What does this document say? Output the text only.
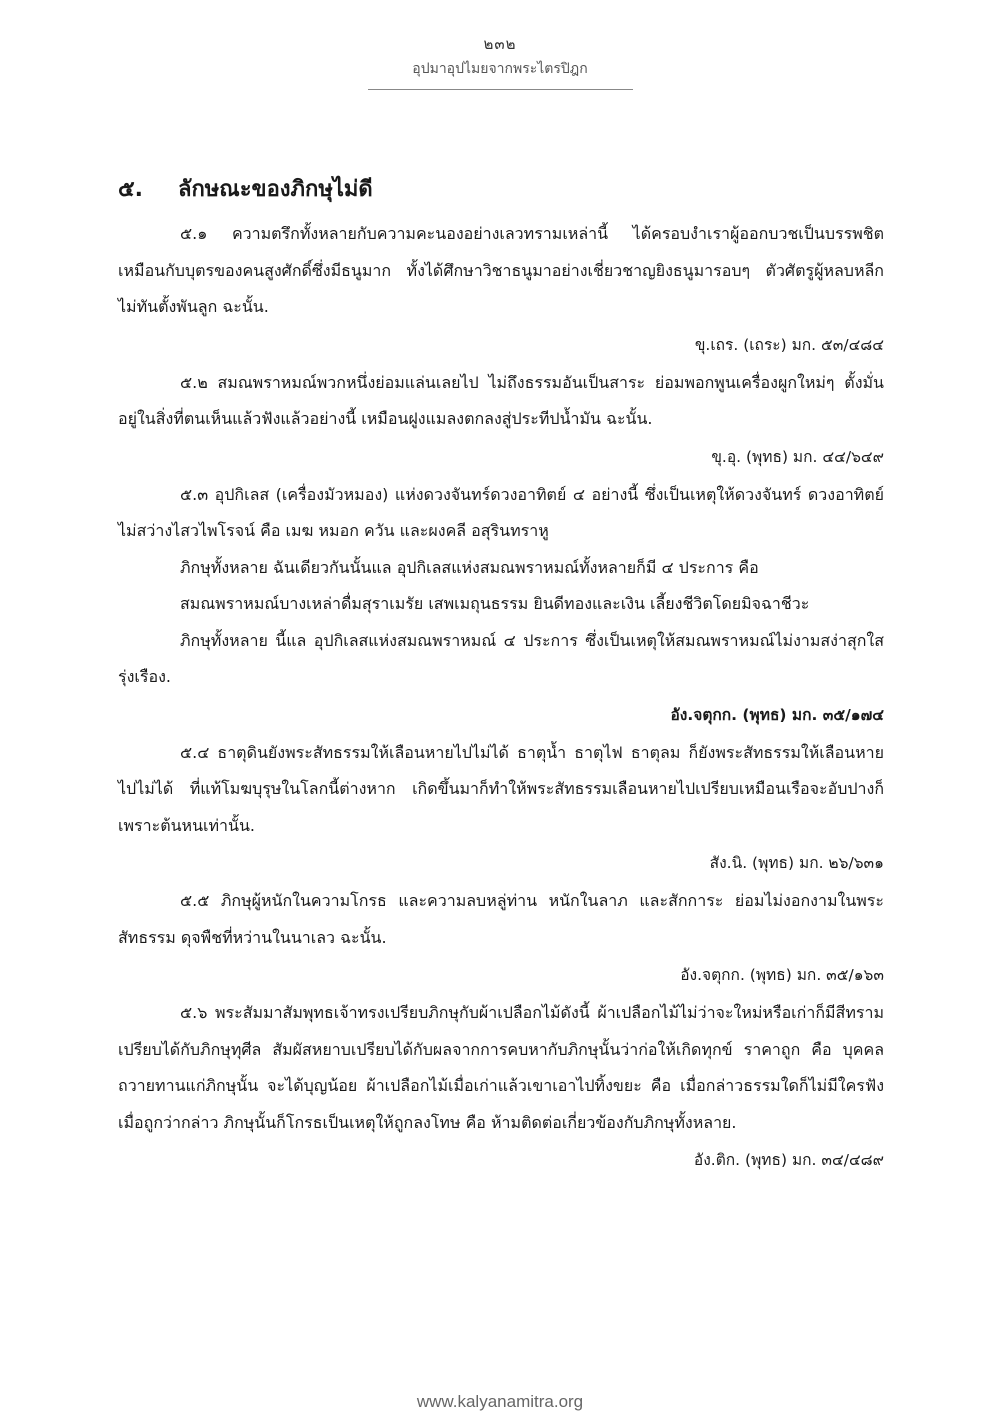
๒๓๒
อุปมาอุปไมยจากพระไตรปิฎก
๕.	ลักษณะของภิกษุไม่ดี

๕.๑ ความตรึกทั้งหลายกับความคะนองอย่างเลวทรามเหล่านี้ ได้ครอบงำเราผู้ออกบวชเป็นบรรพชิต เหมือนกับบุตรของคนสูงศักดิ์ซึ่งมีธนูมาก ทั้งได้ศึกษาวิชาธนูมาอย่างเชี่ยวชาญยิงธนูมารอบๆ ตัวศัตรูผู้หลบหลีกไม่ทันตั้งพันลูก ฉะนั้น.

ขุ.เถร. (เถระ) มก. ๕๓/๔๘๔

๕.๒ สมณพราหมณ์พวกหนึ่งย่อมแล่นเลยไป ไม่ถึงธรรมอันเป็นสาระ ย่อมพอกพูนเครื่องผูกใหม่ๆ ตั้งมั่นอยู่ในสิ่งที่ตนเห็นแล้วฟังแล้วอย่างนี้ เหมือนฝูงแมลงตกลงสู่ประทีปน้ำมัน ฉะนั้น.

ขุ.อุ. (พุทธ) มก. ๔๔/๖๔๙

๕.๓ อุปกิเลส (เครื่องมัวหมอง) แห่งดวงจันทร์ดวงอาทิตย์ ๔ อย่างนี้ ซึ่งเป็นเหตุให้ดวงจันทร์ ดวงอาทิตย์ ไม่สว่างไสวไพโรจน์ คือ เมฆ หมอก ควัน และผงคลี อสุรินทราหู

ภิกษุทั้งหลาย ฉันเดียวกันนั้นแล อุปกิเลสแห่งสมณพราหมณ์ทั้งหลายก็มี ๔ ประการ คือ

สมณพราหมณ์บางเหล่าดื่มสุราเมรัย เสพเมถุนธรรม ยินดีทองและเงิน เลี้ยงชีวิตโดยมิจฉาชีวะ

ภิกษุทั้งหลาย นี้แล อุปกิเลสแห่งสมณพราหมณ์ ๔ ประการ ซึ่งเป็นเหตุให้สมณพราหมณ์ไม่งามสง่าสุกใสรุ่งเรือง.

อัง.จตุกก. (พุทธ) มก. ๓๕/๑๗๔

๕.๔ ธาตุดินยังพระสัทธรรมให้เลือนหายไปไม่ได้ ธาตุน้ำ ธาตุไฟ ธาตุลม ก็ยังพระสัทธรรมให้เลือนหายไปไม่ได้ ที่แท้โมฆบุรุษในโลกนี้ต่างหาก เกิดขึ้นมาก็ทำให้พระสัทธรรมเลือนหายไปเปรียบเหมือนเรือจะอับปางก็เพราะต้นหนเท่านั้น.

สัง.นิ. (พุทธ) มก. ๒๖/๖๓๑

๕.๕ ภิกษุผู้หนักในความโกรธ และความลบหลู่ท่าน หนักในลาภ และสักการะ ย่อมไม่งอกงามในพระสัทธรรม ดุจพืชที่หว่านในนาเลว ฉะนั้น.

อัง.จตุกก. (พุทธ) มก. ๓๕/๑๖๓

๕.๖ พระสัมมาสัมพุทธเจ้าทรงเปรียบภิกษุกับผ้าเปลือกไม้ดังนี้ ผ้าเปลือกไม้ไม่ว่าจะใหม่หรือเก่าก็มีสีทราม เปรียบได้กับภิกษุทุศีล สัมผัสหยาบเปรียบได้กับผลจากการคบหากับภิกษุนั้นว่าก่อให้เกิดทุกข์ ราคาถูก คือ บุคคลถวายทานแก่ภิกษุนั้น จะได้บุญน้อย ผ้าเปลือกไม้เมื่อเก่าแล้วเขาเอาไปทิ้งขยะ คือ เมื่อกล่าวธรรมใดก็ไม่มีใครฟัง เมื่อถูกว่ากล่าว ภิกษุนั้นก็โกรธเป็นเหตุให้ถูกลงโทษ คือ ห้ามติดต่อเกี่ยวข้องกับภิกษุทั้งหลาย.

อัง.ติก. (พุทธ) มก. ๓๔/๔๘๙
www.kalyanamitra.org
